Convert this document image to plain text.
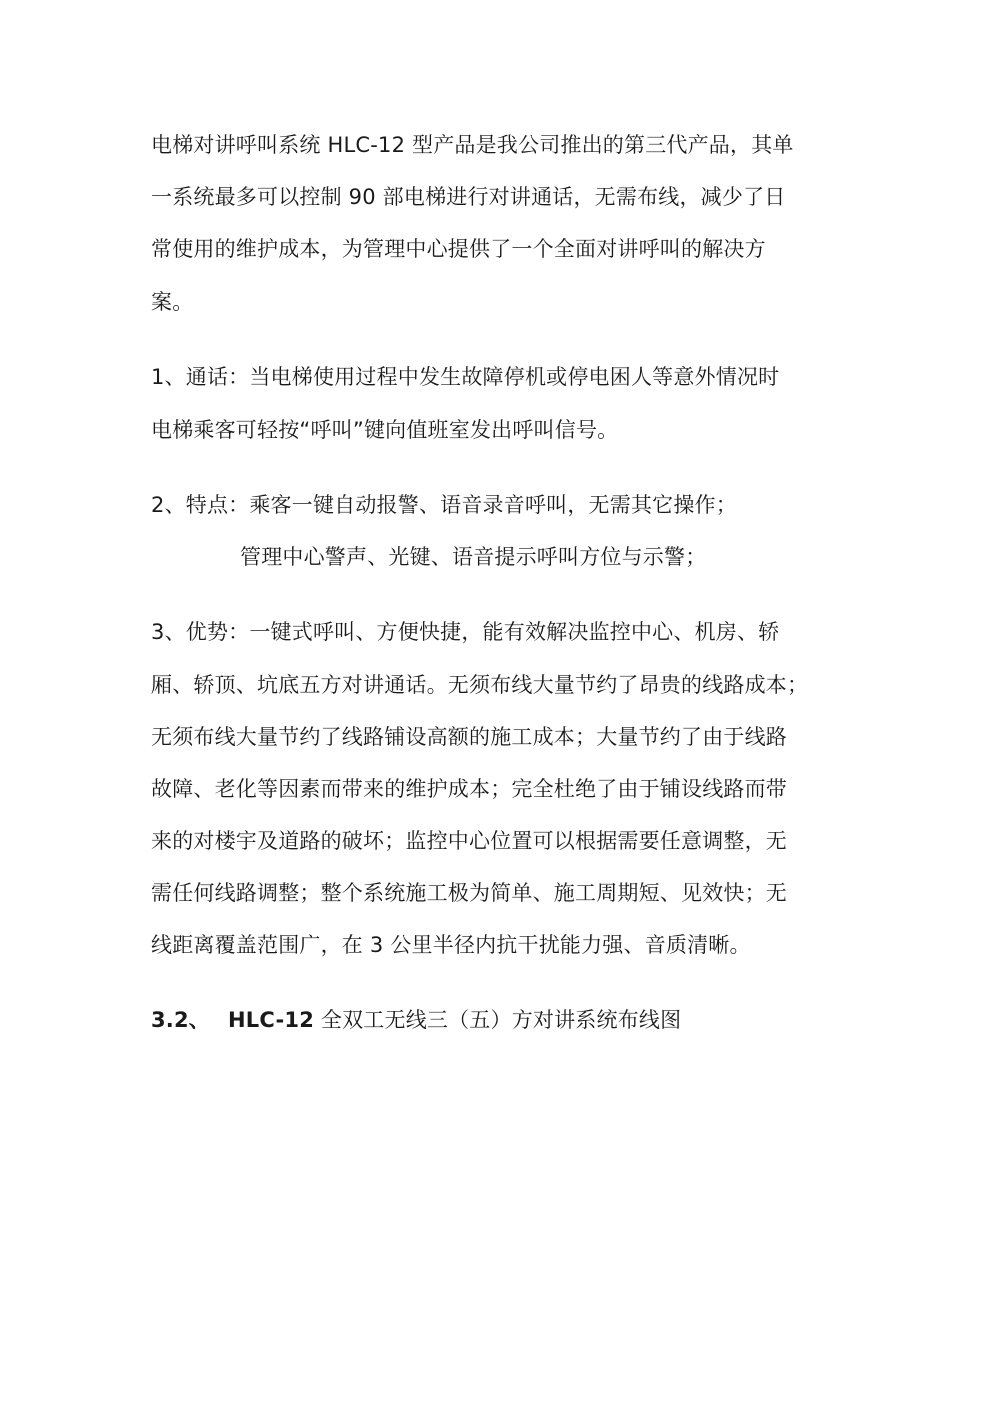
电梯对讲呼叫系统 HLC-12 型产品是我公司推出的第三代产品，其单
一系统最多可以控制 90 部电梯进行对讲通话，无需布线，减少了日
常使用的维护成本，为管理中心提供了一个全面对讲呼叫的解决方
案。
1、通话：当电梯使用过程中发生故障停机或停电困人等意外情况时
电梯乘客可轻按“呼叫”键向值班室发出呼叫信号。
2、特点：乘客一键自动报警、语音录音呼叫，无需其它操作；
管理中心警声、光键、语音提示呼叫方位与示警；
3、优势：一键式呼叫、方便快捷，能有效解决监控中心、机房、轿
厢、轿顶、坑底五方对讲通话。无须布线大量节约了昂贵的线路成本；
无须布线大量节约了线路铺设高额的施工成本；大量节约了由于线路
故障、老化等因素而带来的维护成本；完全杜绝了由于铺设线路而带
来的对楼宇及道路的破坏；监控中心位置可以根据需要任意调整，无
需任何线路调整；整个系统施工极为简单、施工周期短、见效快；无
线距离覆盖范围广，在 3 公里半径内抗干扰能力强、音质清晰。
3.2、 HLC-12 全双工无线三（五）方对讲系统布线图
